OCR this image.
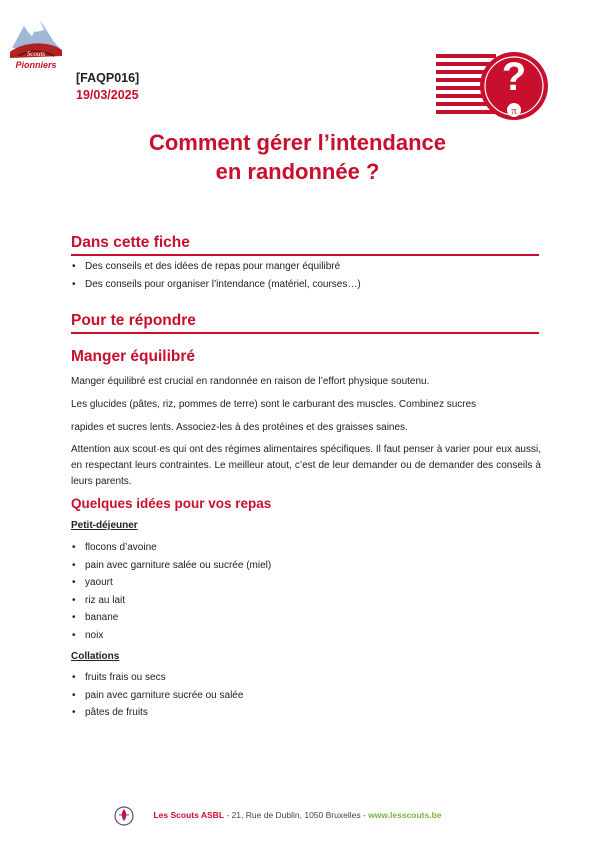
Scouts
Pionniers
[FAQP016]
19/03/2025	?
π
Comment gérer l’intendance
en randonnée ?
Dans cette fiche
• Des conseils et des idées de repas pour manger équilibré
• Des conseils pour organiser l’intendance (matériel, courses…)
Pour te répondre
Manger équilibré

Manger équilibré est crucial en randonnée en raison de l’effort physique soutenu.

Les glucides (pâtes, riz, pommes de terre) sont le carburant des muscles. Combinez sucres

rapides et sucres lents. Associez-les à des protéines et des graisses saines.

Attention aux scout·es qui ont des régimes alimentaires spécifiques. Il faut penser à varier pour eux aussi, en respectant leurs contraintes. Le meilleur atout, c’est de leur demander ou de demander des conseils à leurs parents.

Quelques idées pour vos repas
Petit-déjeuner
• flocons d’avoine
• pain avec garniture salée ou sucrée (miel)
• yaourt
• riz au lait
• banane
• noix
Collations
• fruits frais ou secs
• pain avec garniture sucrée ou salée
• pâtes de fruits
Les Scouts ASBL - 21, Rue de Dublin, 1050 Bruxelles - www.lesscouts.be
